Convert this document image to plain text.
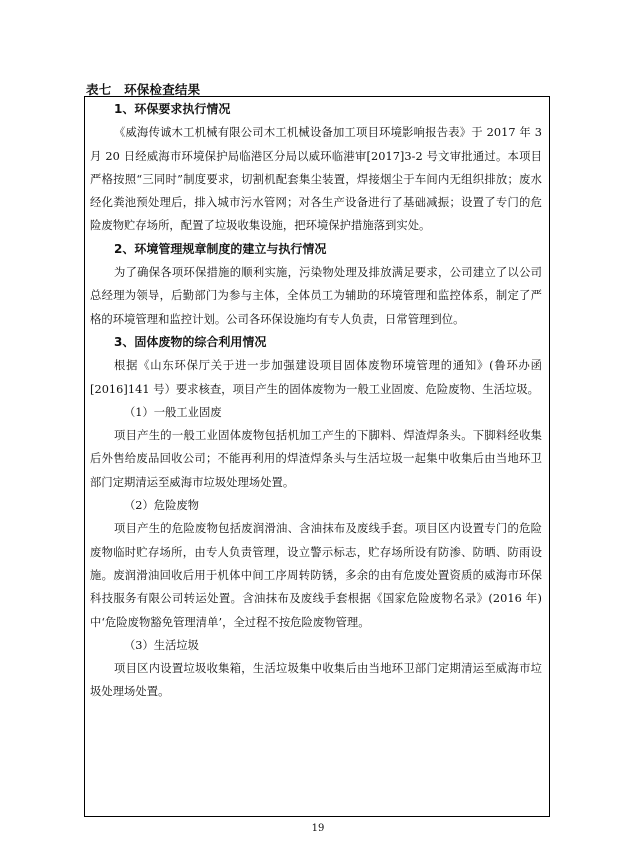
表七　环保检查结果

1、环保要求执行情况

《威海传诚木工机械有限公司木工机械设备加工项目环境影响报告表》于 2017 年 3 月 20 日经威海市环境保护局临港区分局以威环临港审[2017]3-2 号文审批通过。本项目严格按照“三同时”制度要求，切割机配套集尘装置，焊接烟尘于车间内无组织排放；废水经化粪池预处理后，排入城市污水管网；对各生产设备进行了基础减振；设置了专门的危险废物贮存场所，配置了垃圾收集设施，把环境保护措施落到实处。

2、环境管理规章制度的建立与执行情况

为了确保各项环保措施的顺利实施，污染物处理及排放满足要求，公司建立了以公司总经理为领导，后勤部门为参与主体，全体员工为辅助的环境管理和监控体系，制定了严格的环境管理和监控计划。公司各环保设施均有专人负责，日常管理到位。

3、固体废物的综合利用情况

根据《山东环保厅关于进一步加强建设项目固体废物环境管理的通知》(鲁环办函[2016]141 号）要求核查，项目产生的固体废物为一般工业固废、危险废物、生活垃圾。

（1）一般工业固废

项目产生的一般工业固体废物包括机加工产生的下脚料、焊渣焊条头。下脚料经收集后外售给废品回收公司；不能再利用的焊渣焊条头与生活垃圾一起集中收集后由当地环卫部门定期清运至威海市垃圾处理场处置。

（2）危险废物

项目产生的危险废物包括废润滑油、含油抹布及废线手套。项目区内设置专门的危险废物临时贮存场所，由专人负责管理，设立警示标志，贮存场所设有防渗、防晒、防雨设施。废润滑油回收后用于机体中间工序周转防锈，多余的由有危废处置资质的威海市环保科技服务有限公司转运处置。含油抹布及废线手套根据《国家危险废物名录》(2016 年)中‘危险废物豁免管理清单’，全过程不按危险废物管理。

（3）生活垃圾

项目区内设置垃圾收集箱，生活垃圾集中收集后由当地环卫部门定期清运至威海市垃圾处理场处置。

19
